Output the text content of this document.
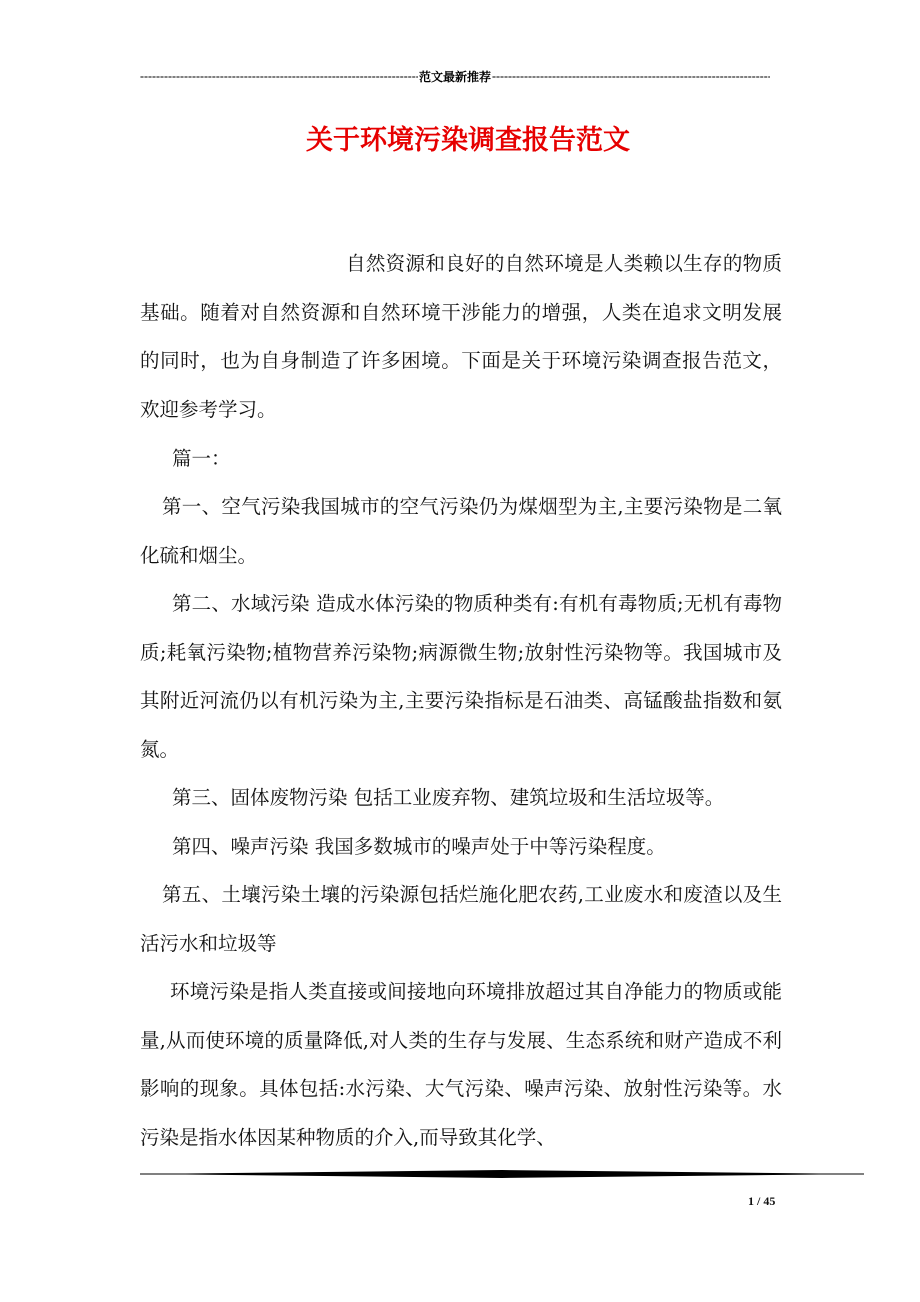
-----
范文最新推荐
-----
关于环境污染调查报告范文

自然资源和良好的自然环境是人类赖以生存的物质基础。随着对自然资源和自然环境干涉能力的增强，人类在追求文明发展的同时，也为自身制造了许多困境。下面是关于环境污染调查报告范文，欢迎参考学习。

篇一：

第一、空气污染我国城市的空气污染仍为煤烟型为主,主要污染物是二氧化硫和烟尘。

第二、水域污染 造成水体污染的物质种类有:有机有毒物质;无机有毒物质;耗氧污染物;植物营养污染物;病源微生物;放射性污染物等。我国城市及其附近河流仍以有机污染为主,主要污染指标是石油类、高锰酸盐指数和氨氮。

第三、固体废物污染 包括工业废弃物、建筑垃圾和生活垃圾等。

第四、噪声污染 我国多数城市的噪声处于中等污染程度。

第五、土壤污染土壤的污染源包括烂施化肥农药,工业废水和废渣以及生活污水和垃圾等

环境污染是指人类直接或间接地向环境排放超过其自净能力的物质或能量,从而使环境的质量降低,对人类的生存与发展、生态系统和财产造成不利影响的现象。具体包括:水污染、大气污染、噪声污染、放射性污染等。水污染是指水体因某种物质的介入,而导致其化学、

1 / 45
